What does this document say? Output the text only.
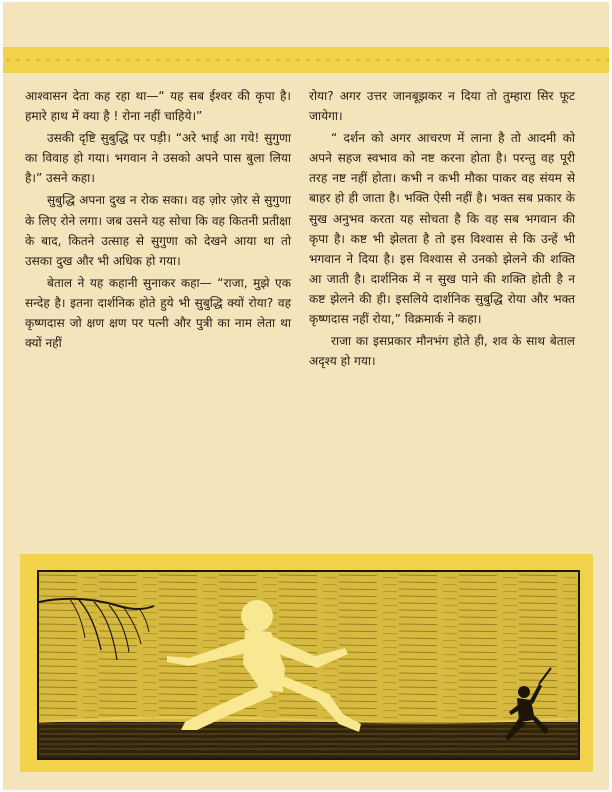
आश्वासन देता कह रहा था—“ यह सब ईश्वर की कृपा है। हमारे हाथ में क्या है ! रोना नहीं चाहिये।”

उसकी दृष्टि सुबुद्धि पर पड़ी। “अरे भाई आ गये! सुगुणा का विवाह हो गया। भगवान ने उसको अपने पास बुला लिया है।” उसने कहा।

सुबुद्धि अपना दुख न रोक सका। वह ज़ोर ज़ोर से सुगुणा के लिए रोने लगा। जब उसने यह सोचा कि वह कितनी प्रतीक्षा के बाद, कितने उत्साह से सुगुणा को देखने आया था तो उसका दुख और भी अधिक हो गया।

बेताल ने यह कहानी सुनाकर कहा— “राजा, मुझे एक सन्देह है। इतना दार्शनिक होते हुये भी सुबुद्धि क्यों रोया? वह कृष्णदास जो क्षण क्षण पर पत्नी और पुत्री का नाम लेता था क्यों नहीं

रोया? अगर उत्तर जानबूझकर न दिया तो तुम्हारा सिर फूट जायेगा।

“ दर्शन को अगर आचरण में लाना है तो आदमी को अपने सहज स्वभाव को नष्ट करना होता है। परन्तु वह पूरी तरह नष्ट नहीं होता। कभी न कभी मौका पाकर वह संयम से बाहर हो ही जाता है। भक्ति ऐसी नहीं है। भक्त सब प्रकार के सुख अनुभव करता यह सोचता है कि वह सब भगवान की कृपा है। कष्ट भी झेलता है तो इस विश्वास से कि उन्हें भी भगवान ने दिया है। इस विश्वास से उनको झेलने की शक्ति आ जाती है। दार्शनिक में न सुख पाने की शक्ति होती है न कष्ट झेलने की ही। इसलिये दार्शनिक सुबुद्धि रोया और भक्त कृष्णदास नहीं रोया,” विक्रमार्क ने कहा।

राजा का इसप्रकार मौनभंग होते ही, शव के साथ बेताल अदृश्य हो गया।
